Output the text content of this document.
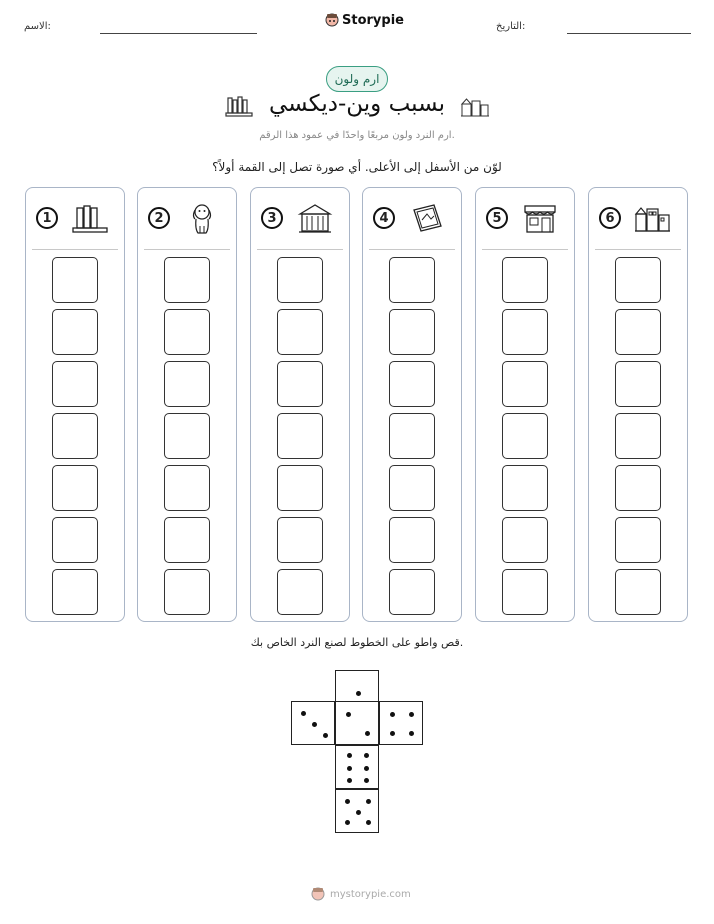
الاسم:	Storypie	التاريخ:
ارم ولون
بسبب وين-ديكسي
ارم النرد ولون مربعًا واحدًا في عمود هذا الرقم.
لوّن من الأسفل إلى الأعلى. أي صورة تصل إلى القمة أولاً؟
1	2	3	4	5	6
قص واطو على الخطوط لصنع النرد الخاص بك.
mystorypie.com
